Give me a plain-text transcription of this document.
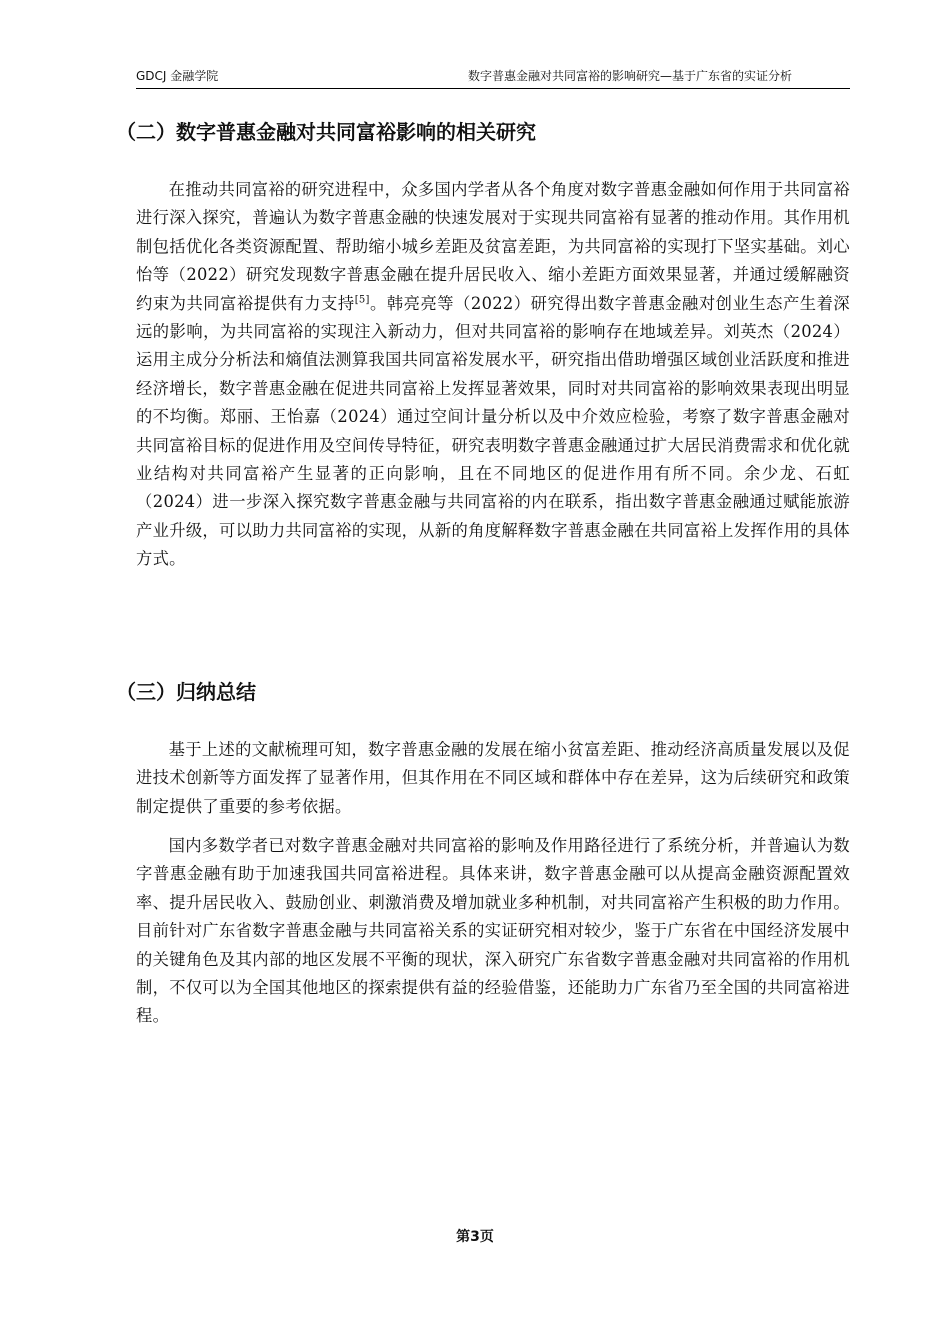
GDCJ 金融学院	数字普惠金融对共同富裕的影响研究—基于广东省的实证分析
（二）数字普惠金融对共同富裕影响的相关研究

在推动共同富裕的研究进程中，众多国内学者从各个角度对数字普惠金融如何作用于共同富裕进行深入探究，普遍认为数字普惠金融的快速发展对于实现共同富裕有显著的推动作用。其作用机制包括优化各类资源配置、帮助缩小城乡差距及贫富差距，为共同富裕的实现打下坚实基础。刘心怡等（2022）研究发现数字普惠金融在提升居民收入、缩小差距方面效果显著，并通过缓解融资约束为共同富裕提供有力支持[5]。韩亮亮等（2022）研究得出数字普惠金融对创业生态产生着深远的影响，为共同富裕的实现注入新动力，但对共同富裕的影响存在地域差异。刘英杰（2024）运用主成分分析法和熵值法测算我国共同富裕发展水平，研究指出借助增强区域创业活跃度和推进经济增长，数字普惠金融在促进共同富裕上发挥显著效果，同时对共同富裕的影响效果表现出明显的不均衡。郑丽、王怡嘉（2024）通过空间计量分析以及中介效应检验，考察了数字普惠金融对共同富裕目标的促进作用及空间传导特征，研究表明数字普惠金融通过扩大居民消费需求和优化就业结构对共同富裕产生显著的正向影响，且在不同地区的促进作用有所不同。余少龙、石虹（2024）进一步深入探究数字普惠金融与共同富裕的内在联系，指出数字普惠金融通过赋能旅游产业升级，可以助力共同富裕的实现，从新的角度解释数字普惠金融在共同富裕上发挥作用的具体方式。

（三）归纳总结

基于上述的文献梳理可知，数字普惠金融的发展在缩小贫富差距、推动经济高质量发展以及促进技术创新等方面发挥了显著作用，但其作用在不同区域和群体中存在差异，这为后续研究和政策制定提供了重要的参考依据。

国内多数学者已对数字普惠金融对共同富裕的影响及作用路径进行了系统分析，并普遍认为数字普惠金融有助于加速我国共同富裕进程。具体来讲，数字普惠金融可以从提高金融资源配置效率、提升居民收入、鼓励创业、刺激消费及增加就业多种机制，对共同富裕产生积极的助力作用。目前针对广东省数字普惠金融与共同富裕关系的实证研究相对较少，鉴于广东省在中国经济发展中的关键角色及其内部的地区发展不平衡的现状，深入研究广东省数字普惠金融对共同富裕的作用机制，不仅可以为全国其他地区的探索提供有益的经验借鉴，还能助力广东省乃至全国的共同富裕进程。

第3页
